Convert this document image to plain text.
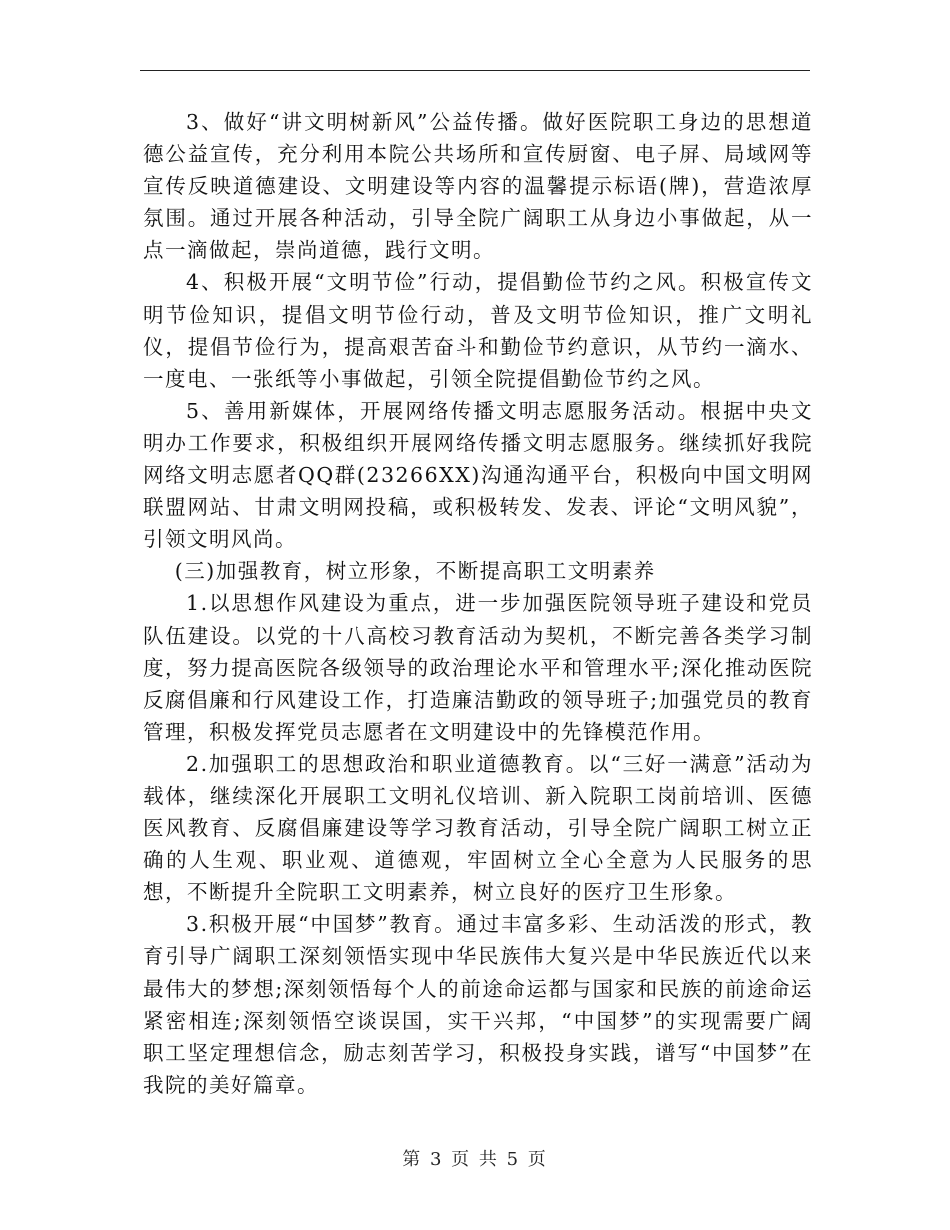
3、做好“讲文明树新风”公益传播。做好医院职工身边的思想道德公益宣传，充分利用本院公共场所和宣传厨窗、电子屏、局域网等宣传反映道德建设、文明建设等内容的温馨提示标语(牌)，营造浓厚氛围。通过开展各种活动，引导全院广阔职工从身边小事做起，从一点一滴做起，崇尚道德，践行文明。

4、积极开展“文明节俭”行动，提倡勤俭节约之风。积极宣传文明节俭知识，提倡文明节俭行动，普及文明节俭知识，推广文明礼仪，提倡节俭行为，提高艰苦奋斗和勤俭节约意识，从节约一滴水、一度电、一张纸等小事做起，引领全院提倡勤俭节约之风。

5、善用新媒体，开展网络传播文明志愿服务活动。根据中央文明办工作要求，积极组织开展网络传播文明志愿服务。继续抓好我院网络文明志愿者QQ群(23266XX)沟通沟通平台，积极向中国文明网联盟网站、甘肃文明网投稿，或积极转发、发表、评论“文明风貌”，引领文明风尚。

(三)加强教育，树立形象，不断提高职工文明素养

1.以思想作风建设为重点，进一步加强医院领导班子建设和党员队伍建设。以党的十八高校习教育活动为契机，不断完善各类学习制度，努力提高医院各级领导的政治理论水平和管理水平;深化推动医院反腐倡廉和行风建设工作，打造廉洁勤政的领导班子;加强党员的教育管理，积极发挥党员志愿者在文明建设中的先锋模范作用。

2.加强职工的思想政治和职业道德教育。以“三好一满意”活动为载体，继续深化开展职工文明礼仪培训、新入院职工岗前培训、医德医风教育、反腐倡廉建设等学习教育活动，引导全院广阔职工树立正确的人生观、职业观、道德观，牢固树立全心全意为人民服务的思想，不断提升全院职工文明素养，树立良好的医疗卫生形象。

3.积极开展“中国梦”教育。通过丰富多彩、生动活泼的形式，教育引导广阔职工深刻领悟实现中华民族伟大复兴是中华民族近代以来最伟大的梦想;深刻领悟每个人的前途命运都与国家和民族的前途命运紧密相连;深刻领悟空谈误国，实干兴邦，“中国梦”的实现需要广阔职工坚定理想信念，励志刻苦学习，积极投身实践，谱写“中国梦”在我院的美好篇章。

第 3 页 共 5 页
